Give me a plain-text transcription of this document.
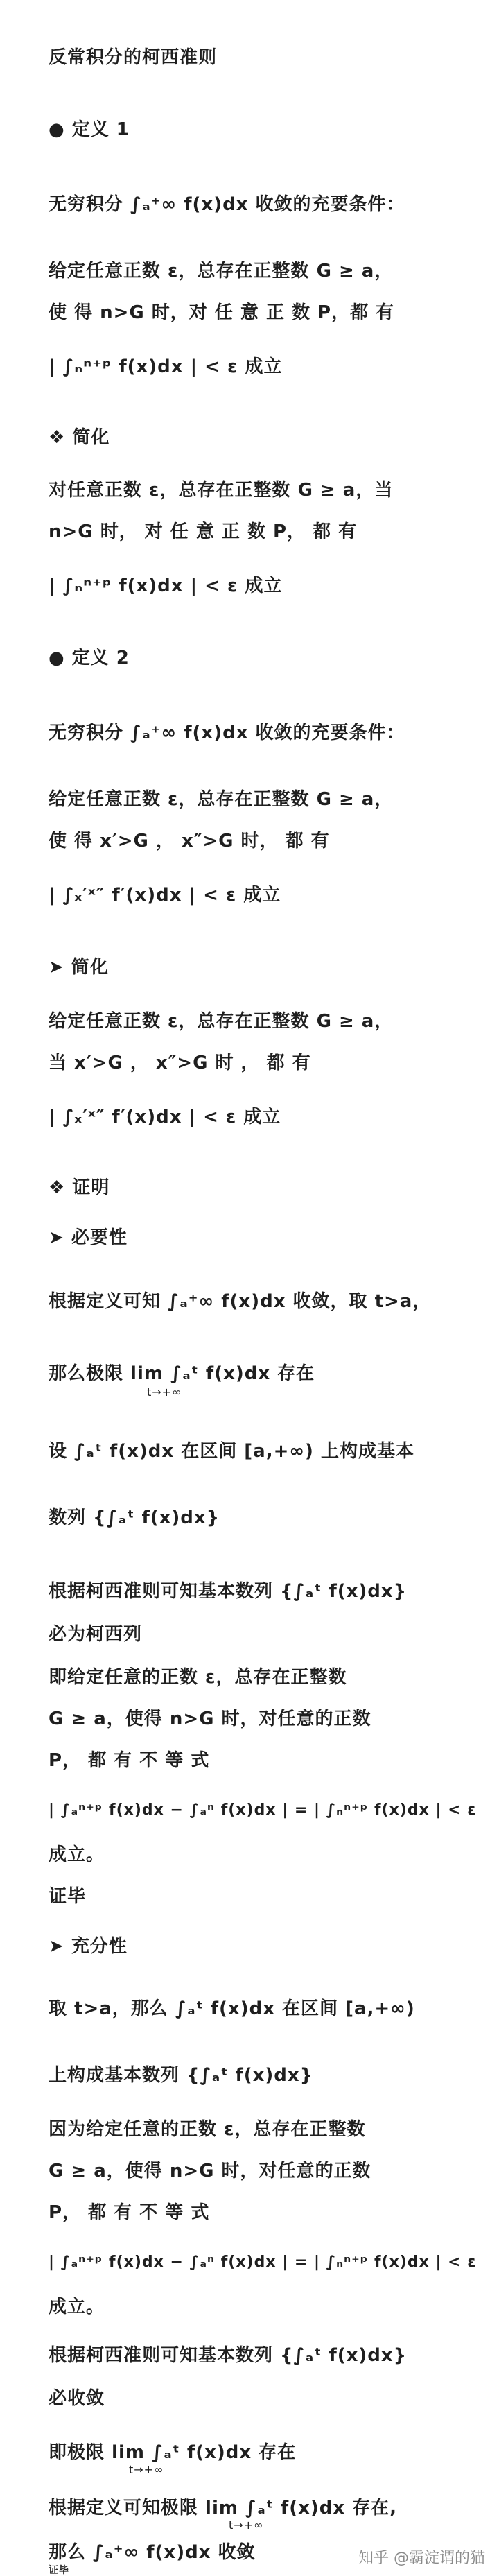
反常积分的柯西准则
● 定义 1
无穷积分 ∫ₐ⁺∞ f(x)dx 收敛的充要条件：
给定任意正数 ε，总存在正整数 G ≥ a，
使 得 n>G 时，对 任 意 正 数 P，都 有
| ∫ₙⁿ⁺ᵖ f(x)dx | < ε 成立
❖ 简化
对任意正数 ε，总存在正整数 G ≥ a，当
n>G 时， 对 任 意 正 数 P， 都 有
| ∫ₙⁿ⁺ᵖ f(x)dx | < ε 成立
● 定义 2
无穷积分 ∫ₐ⁺∞ f(x)dx 收敛的充要条件：
给定任意正数 ε，总存在正整数 G ≥ a，
使 得 x′>G ， x″>G 时， 都 有
| ∫ₓ′ˣ″ f′(x)dx | < ε 成立
➤ 简化
给定任意正数 ε，总存在正整数 G ≥ a，
当 x′>G ， x″>G 时 ， 都 有
| ∫ₓ′ˣ″ f′(x)dx | < ε 成立
❖ 证明
➤ 必要性
根据定义可知 ∫ₐ⁺∞ f(x)dx 收敛，取 t>a，
那么极限 lim ∫ₐᵗ f(x)dx 存在
t→+∞
设 ∫ₐᵗ f(x)dx 在区间 [a,+∞) 上构成基本
数列 {∫ₐᵗ f(x)dx}
根据柯西准则可知基本数列 {∫ₐᵗ f(x)dx}
必为柯西列
即给定任意的正数 ε，总存在正整数
G ≥ a，使得 n>G 时，对任意的正数
P， 都 有 不 等 式
| ∫ₐⁿ⁺ᵖ f(x)dx − ∫ₐⁿ f(x)dx | = | ∫ₙⁿ⁺ᵖ f(x)dx | < ε
成立。
证毕
➤ 充分性
取 t>a，那么 ∫ₐᵗ f(x)dx 在区间 [a,+∞)
上构成基本数列 {∫ₐᵗ f(x)dx}
因为给定任意的正数 ε，总存在正整数
G ≥ a，使得 n>G 时，对任意的正数
P， 都 有 不 等 式
| ∫ₐⁿ⁺ᵖ f(x)dx − ∫ₐⁿ f(x)dx | = | ∫ₙⁿ⁺ᵖ f(x)dx | < ε
成立。
根据柯西准则可知基本数列 {∫ₐᵗ f(x)dx}
必收敛
即极限 lim ∫ₐᵗ f(x)dx 存在
t→+∞
根据定义可知极限 lim ∫ₐᵗ f(x)dx 存在,
t→+∞
那么 ∫ₐ⁺∞ f(x)dx 收敛
证毕
知乎 @霸淀谓的猫
